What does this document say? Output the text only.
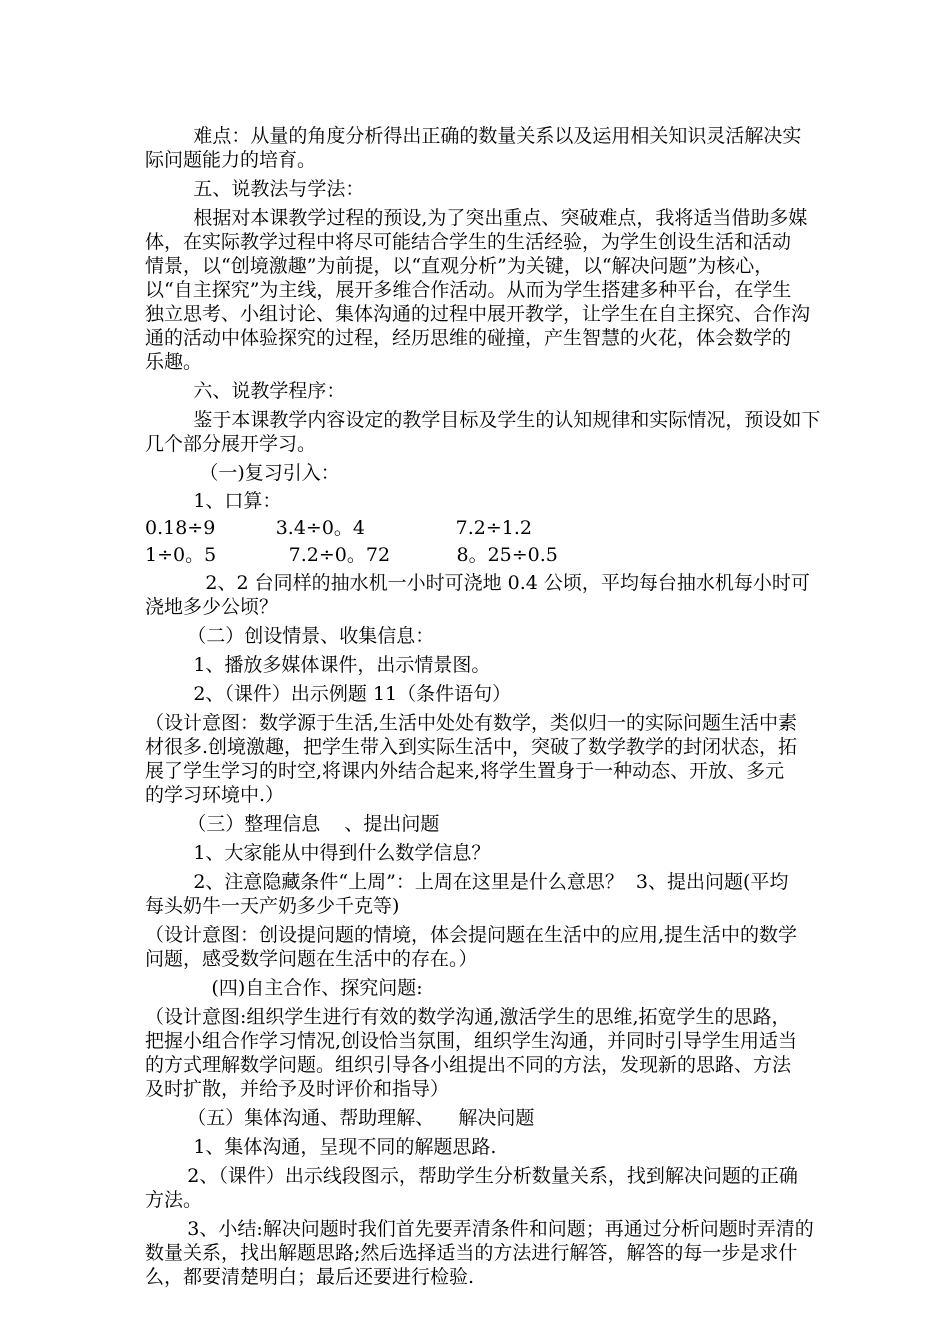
难点：从量的角度分析得出正确的数量关系以及运用相关知识灵活解决实
际问题能力的培育。
五、说教法与学法：
根据对本课教学过程的预设,为了突出重点、突破难点，我将适当借助多媒
体，在实际教学过程中将尽可能结合学生的生活经验，为学生创设生活和活动
情景，以“创境激趣”为前提，以“直观分析”为关键，以“解决问题”为核心，
以“自主探究”为主线，展开多维合作活动。从而为学生搭建多种平台，在学生
独立思考、小组讨论、集体沟通的过程中展开教学，让学生在自主探究、合作沟
通的活动中体验探究的过程，经历思维的碰撞，产生智慧的火花，体会数学的
乐趣。
六、说教学程序：
鉴于本课教学内容设定的教学目标及学生的认知规律和实际情况，预设如下
几个部分展开学习。
（一)复习引入：
1、口算：
0.18÷9          3.4÷0。4               7.2÷1.2
1÷0。5            7.2÷0。72           8。25÷0.5
2、2 台同样的抽水机一小时可浇地 0.4 公顷，平均每台抽水机每小时可
浇地多少公顷？
（二）创设情景、收集信息：
1、播放多媒体课件，出示情景图。
2、（课件）出示例题 11（条件语句）
（设计意图：数学源于生活,生活中处处有数学，类似归一的实际问题生活中素
材很多.创境激趣，把学生带入到实际生活中，突破了数学教学的封闭状态，拓
展了学生学习的时空,将课内外结合起来,将学生置身于一种动态、开放、多元
的学习环境中.）
（三）整理信息    、提出问题
1、大家能从中得到什么数学信息？
2、注意隐藏条件“上周”：上周在这里是什么意思？  3、提出问题(平均
每头奶牛一天产奶多少千克等)
（设计意图：创设提问题的情境，体会提问题在生活中的应用,提生活中的数学
问题，感受数学问题在生活中的存在。）
(四)自主合作、探究问题:
（设计意图:组织学生进行有效的数学沟通,激活学生的思维,拓宽学生的思路，
把握小组合作学习情况,创设恰当氛围，组织学生沟通，并同时引导学生用适当
的方式理解数学问题。组织引导各小组提出不同的方法，发现新的思路、方法
及时扩散，并给予及时评价和指导）
（五）集体沟通、帮助理解、    解决问题
1、集体沟通，呈现不同的解题思路.
2、（课件）出示线段图示，帮助学生分析数量关系，找到解决问题的正确
方法。
3、小结:解决问题时我们首先要弄清条件和问题；再通过分析问题时弄清的
数量关系，找出解题思路;然后选择适当的方法进行解答，解答的每一步是求什
么，都要清楚明白；最后还要进行检验.
